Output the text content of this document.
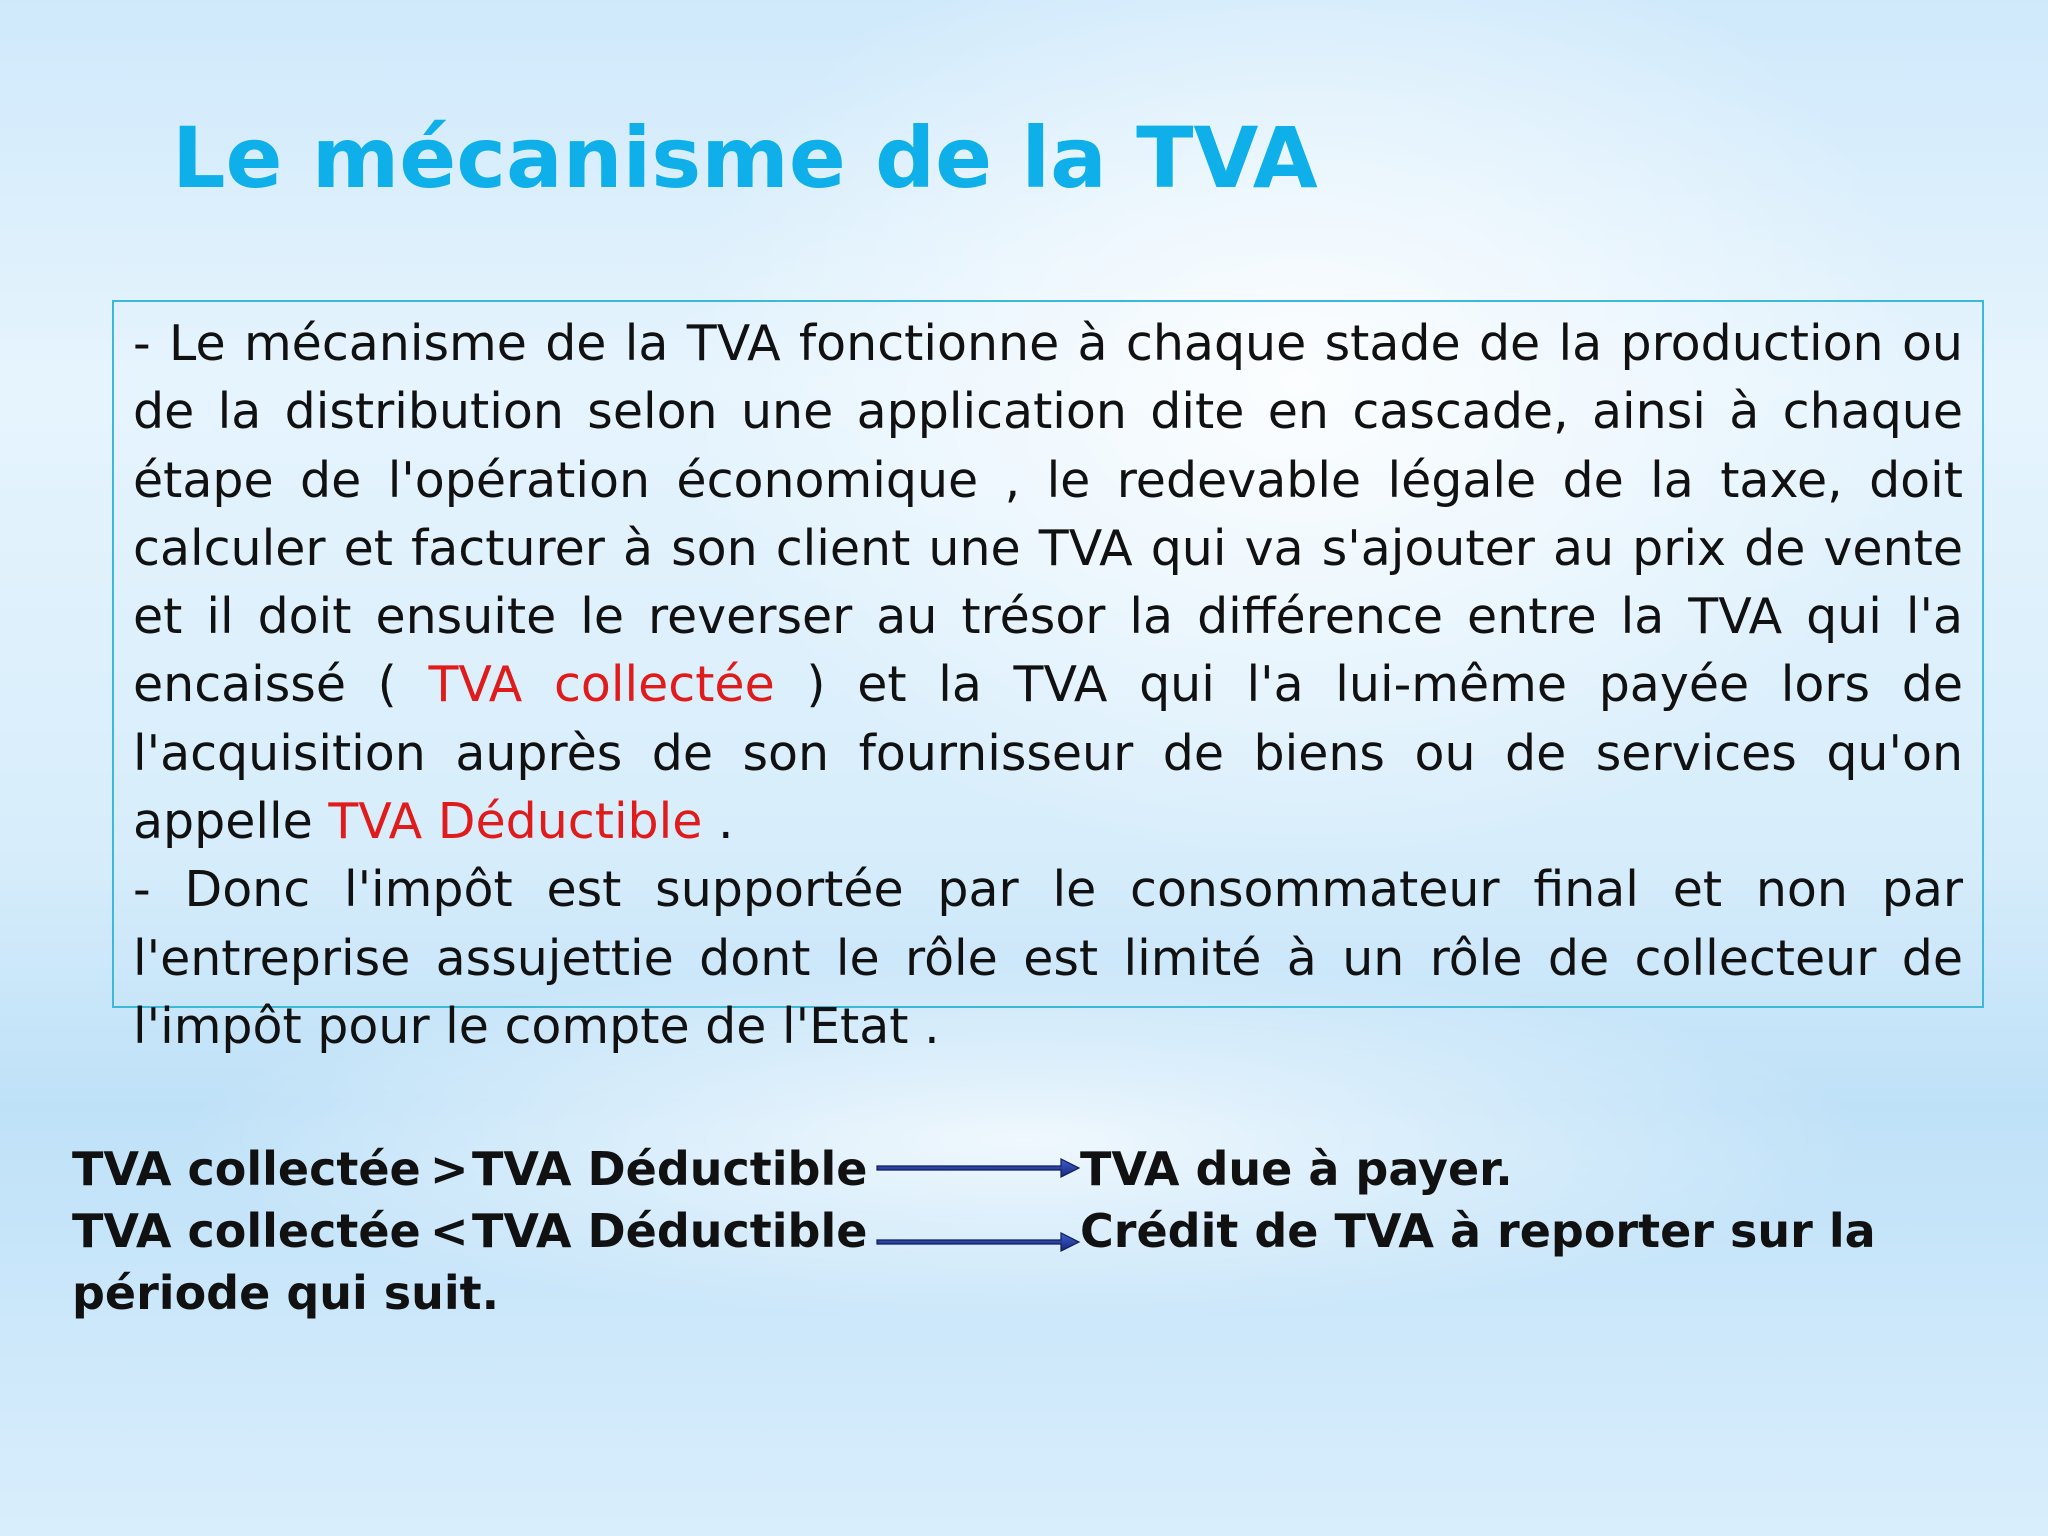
Le mécanisme de la TVA

- Le mécanisme de la TVA fonctionne à chaque stade de la production ou de la distribution selon une application dite en cascade, ainsi à chaque étape de l'opération économique , le redevable légale de la taxe, doit calculer et facturer à son client une TVA qui va s'ajouter au prix de vente et il doit ensuite le reverser au trésor la différence entre la TVA qui l'a encaissé ( TVA collectée ) et la TVA qui l'a lui-même payée lors de l'acquisition auprès de son fournisseur de biens ou de services qu'on appelle TVA Déductible .
- Donc l'impôt est supportée par le consommateur final et non par l'entreprise assujettie dont le rôle est limité à un rôle de collecteur de l'impôt pour le compte de l'Etat .

TVA collectée > TVA Déductible	TVA due à payer.
TVA collectée < TVA Déductible	Crédit de TVA à reporter sur la
période qui suit.
